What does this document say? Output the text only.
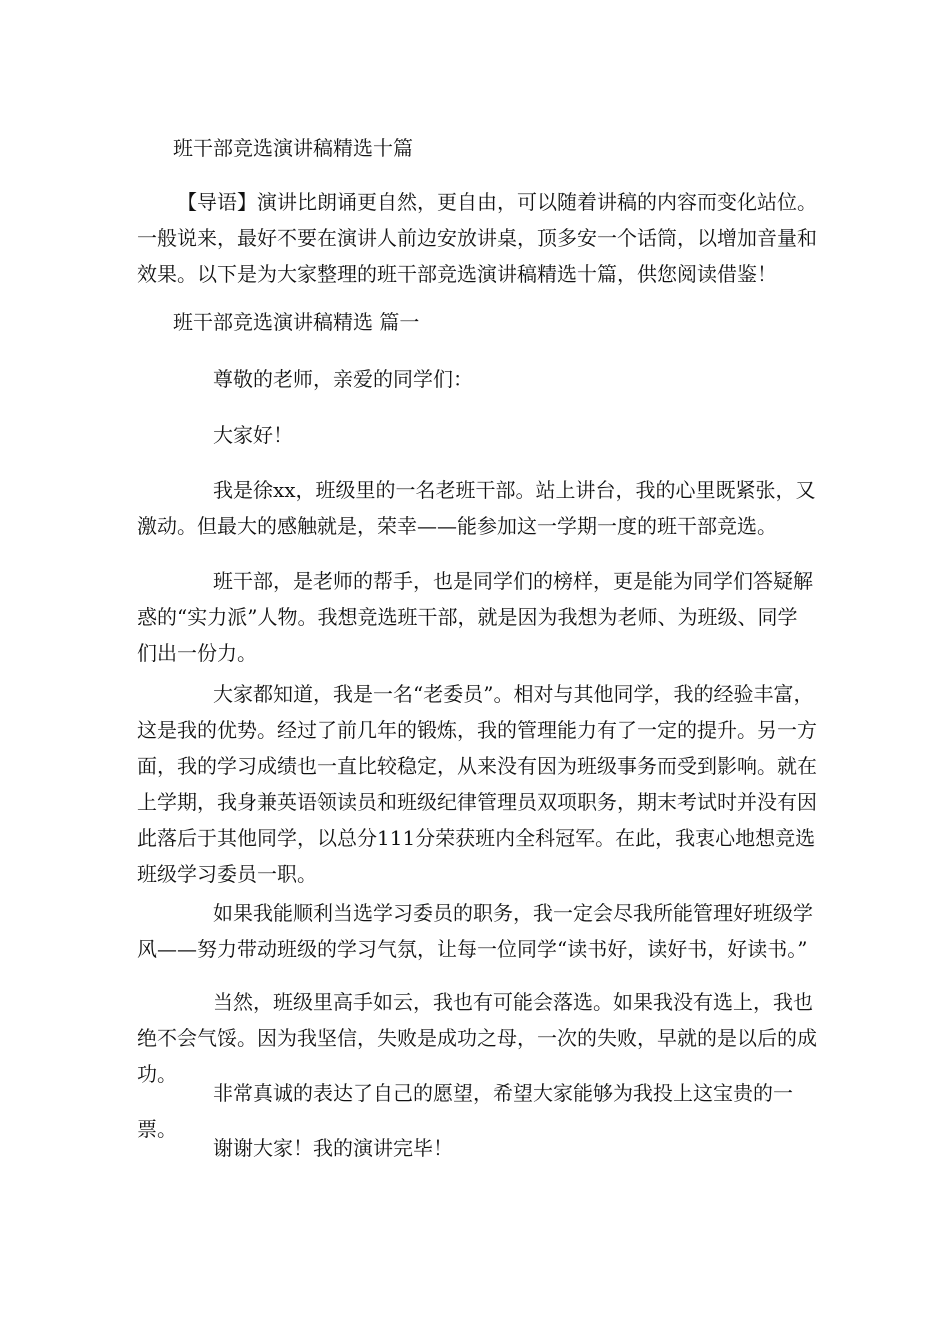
班干部竞选演讲稿精选十篇

【导语】演讲比朗诵更自然，更自由，可以随着讲稿的内容而变化站位。一般说来，最好不要在演讲人前边安放讲桌，顶多安一个话筒，以增加音量和效果。以下是为大家整理的班干部竞选演讲稿精选十篇，供您阅读借鉴！

班干部竞选演讲稿精选 篇一

尊敬的老师，亲爱的同学们：

大家好！

我是徐xx，班级里的一名老班干部。站上讲台，我的心里既紧张，又激动。但最大的感触就是，荣幸——能参加这一学期一度的班干部竞选。

班干部，是老师的帮手，也是同学们的榜样，更是能为同学们答疑解惑的“实力派”人物。我想竞选班干部，就是因为我想为老师、为班级、同学们出一份力。

大家都知道，我是一名“老委员”。相对与其他同学，我的经验丰富，这是我的优势。经过了前几年的锻炼，我的管理能力有了一定的提升。另一方面，我的学习成绩也一直比较稳定，从来没有因为班级事务而受到影响。就在上学期，我身兼英语领读员和班级纪律管理员双项职务，期末考试时并没有因此落后于其他同学，以总分111分荣获班内全科冠军。在此，我衷心地想竞选班级学习委员一职。

如果我能顺利当选学习委员的职务，我一定会尽我所能管理好班级学风——努力带动班级的学习气氛，让每一位同学“读书好，读好书，好读书。”

当然，班级里高手如云，我也有可能会落选。如果我没有选上，我也绝不会气馁。因为我坚信，失败是成功之母，一次的失败，早就的是以后的成功。

非常真诚的表达了自己的愿望，希望大家能够为我投上这宝贵的一票。

谢谢大家！我的演讲完毕！
